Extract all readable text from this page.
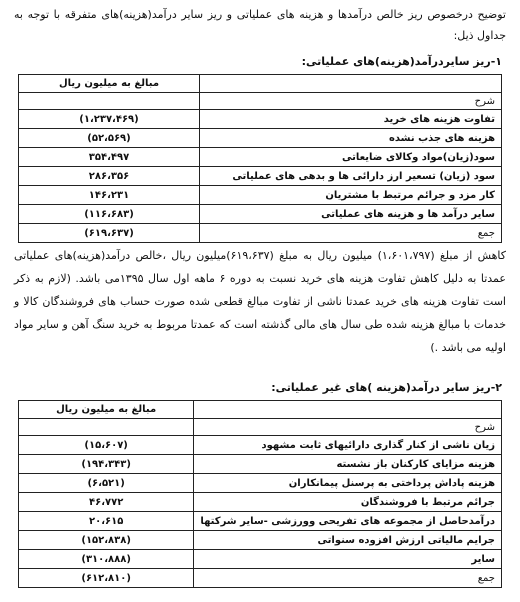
توضیح درخصوص ریز خالص درآمدها و هزینه های عملیاتی و ریز سایر درآمد(هزینه)های متفرقه با توجه به جداول ذیل:
۱-ریز سایردرآمد(هزینه)های عملیاتی:
	مبالغ به میلیون ریال
شرح	
تفاوت هزینه های خرید	(۱،۲۳۷،۴۶۹)
هزینه های جذب نشده	(۵۲،۵۶۹)
سود(زیان)مواد وکالای ضایعاتی	۳۵۴،۴۹۷
سود (زیان) تسعیر ارز دارائی ها و بدهی های عملیاتی	۲۸۶،۳۵۶
کار مزد و جرائم مرتبط با مشتریان	۱۴۶،۲۳۱
سایر درآمد ها و هزینه های عملیاتی	(۱۱۶،۶۸۳)
جمع	(۶۱۹،۶۳۷)
کاهش از مبلغ (۱،۶۰۱،۷۹۷) میلیون ریال به مبلغ (۶۱۹،۶۳۷)میلیون ریال ،خالص درآمد(هزینه)های عملیاتی عمدتا به دلیل کاهش تفاوت هزینه های خرید نسبت به دوره ۶ ماهه اول سال ۱۳۹۵می باشد. (لازم به ذکر است تفاوت هزینه های خرید عمدتا ناشی از تفاوت مبالغ قطعی شده صورت حساب های فروشندگان کالا و خدمات با مبالغ هزینه شده طی سال های مالی گذشته است که عمدتا مربوط به خرید سنگ آهن و سایر مواد اولیه می باشد .)
۲-ریز سایر درآمد(هزینه )های غیر عملیاتی:
	مبالغ به میلیون ریال
شرح	
زیان ناشی از کنار گذاری دارائیهای ثابت مشهود	(۱۵،۶۰۷)
هزینه مزایای کارکنان باز نشسته	(۱۹۴،۳۴۳)
هزینه پاداش پرداختی به پرسنل پیمانکاران	(۶،۵۲۱)
جرائم مرتبط با فروشندگان	۴۶،۷۷۲
درآمدحاصل از مجموعه های تفریحی وورزشی -سایر شرکتها	۲۰،۶۱۵
جرایم مالیاتی ارزش افزوده سنواتی	(۱۵۲،۸۳۸)
سایر	(۳۱۰،۸۸۸)
جمع	(۶۱۲،۸۱۰)
